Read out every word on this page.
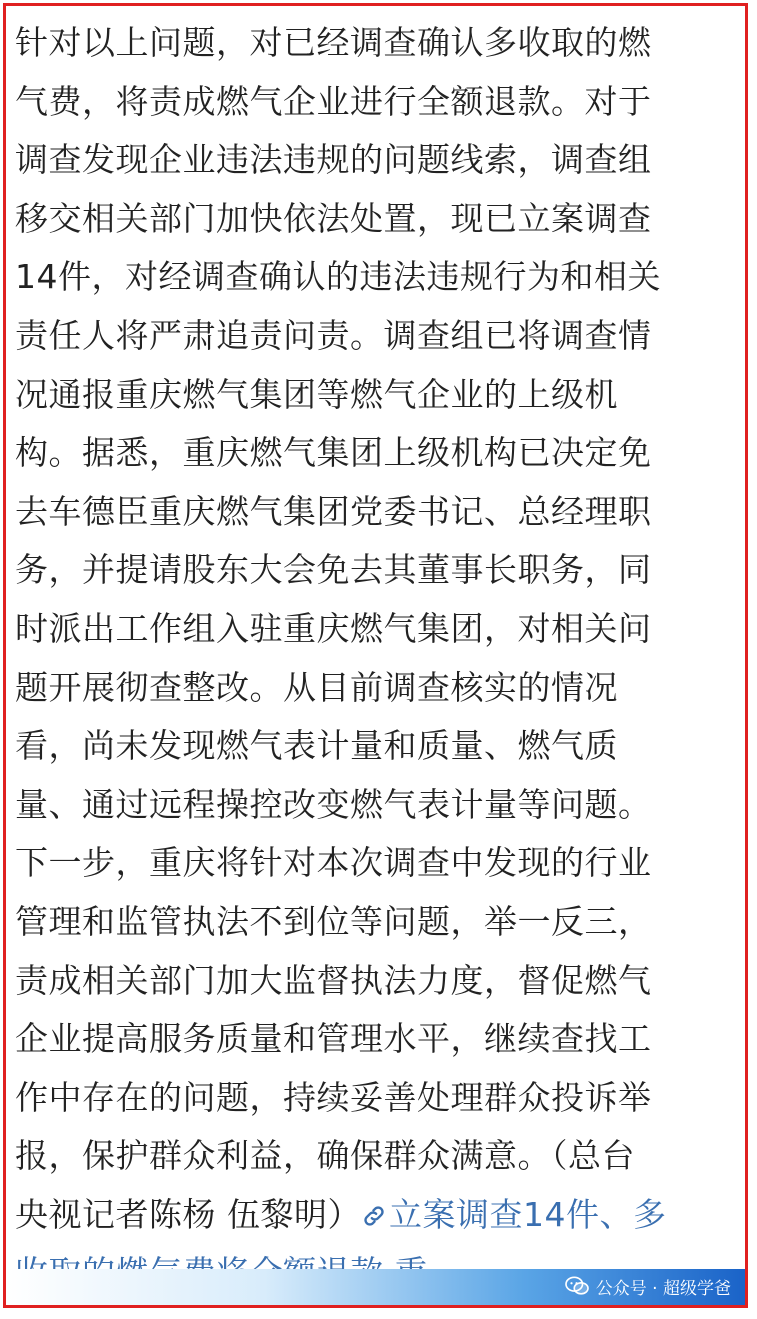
针对以上问题，对已经调查确认多收取的燃
气费，将责成燃气企业进行全额退款。对于
调查发现企业违法违规的问题线索，调查组
移交相关部门加快依法处置，现已立案调查
14件，对经调查确认的违法违规行为和相关
责任人将严肃追责问责。调查组已将调查情
况通报重庆燃气集团等燃气企业的上级机
构。据悉，重庆燃气集团上级机构已决定免
去车德臣重庆燃气集团党委书记、总经理职
务，并提请股东大会免去其董事长职务，同
时派出工作组入驻重庆燃气集团，对相关问
题开展彻查整改。从目前调查核实的情况
看，尚未发现燃气表计量和质量、燃气质
量、通过远程操控改变燃气表计量等问题。
下一步，重庆将针对本次调查中发现的行业
管理和监管执法不到位等问题，举一反三，
责成相关部门加大监督执法力度，督促燃气
企业提高服务质量和管理水平，继续查找工
作中存在的问题，持续妥善处理群众投诉举
报，保护群众利益，确保群众满意。（总台
央视记者陈杨 伍黎明） 立案调查14件、多
公众号 · 超级学爸
